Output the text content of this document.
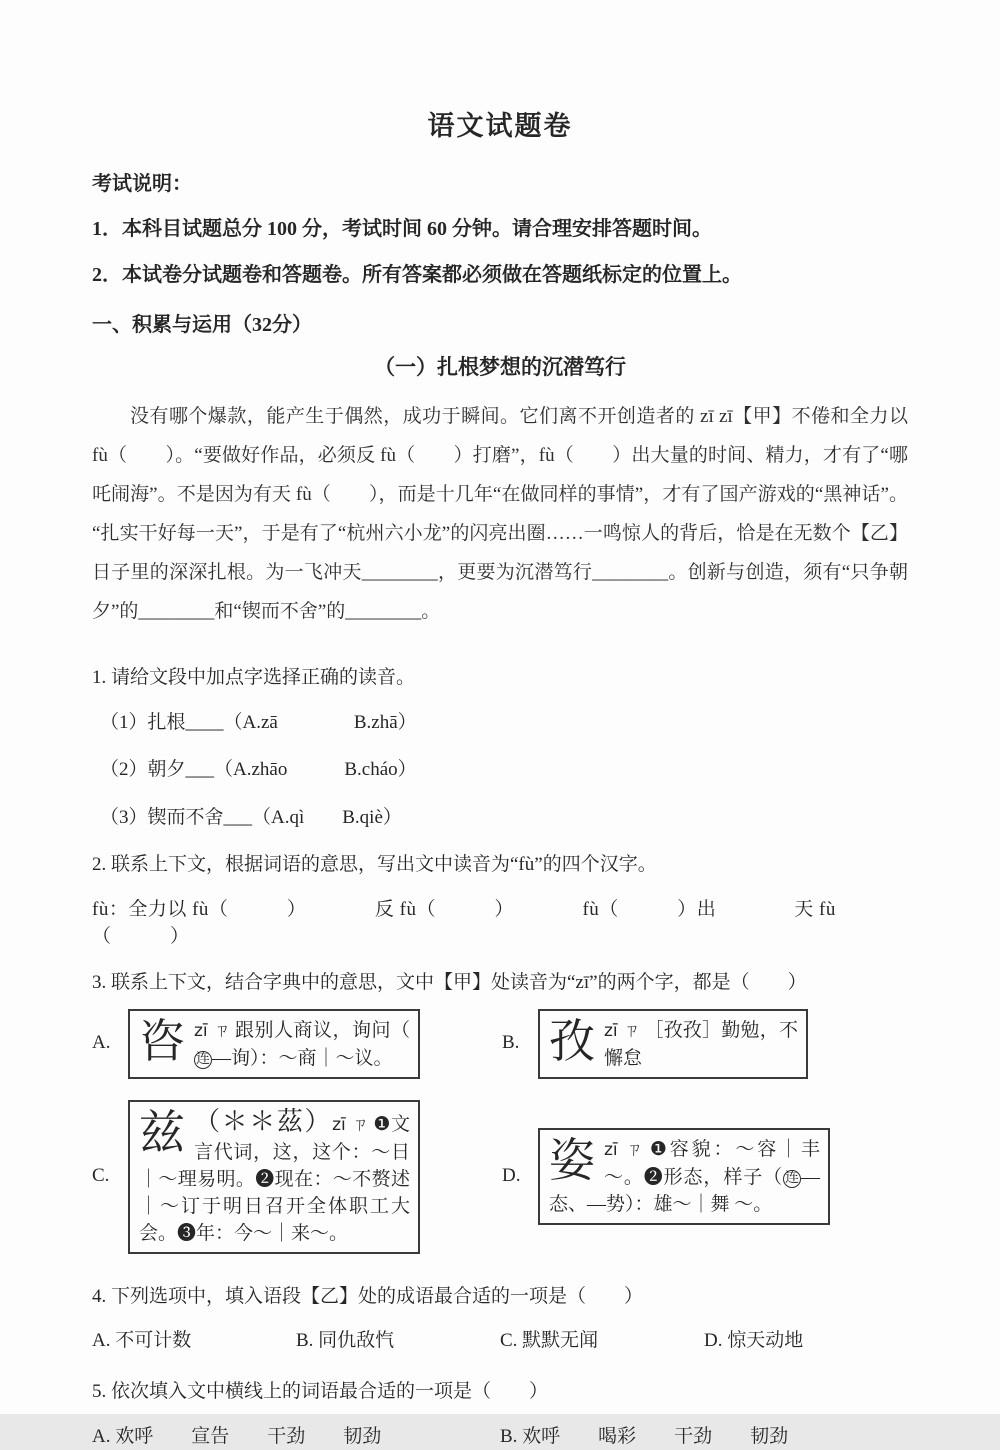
语文试题卷
考试说明：
1．本科目试题总分 100 分，考试时间 60 分钟。请合理安排答题时间。
2．本试卷分试题卷和答题卷。所有答案都必须做在答题纸标定的位置上。
一、积累与运用（32分）
（一）扎根梦想的沉潜笃行
没有哪个爆款，能产生于偶然，成功于瞬间。它们离不开创造者的 zī zī【甲】不倦和全力以 fù（　　）。“要做好作品，必须反 fù（　　）打磨”，fù（　　）出大量的时间、精力，才有了“哪吒闹海”。不是因为有天 fù（　　），而是十几年“在做同样的事情”，才有了国产游戏的“黑神话”。“扎实干好每一天”，于是有了“杭州六小龙”的闪亮出圈……一鸣惊人的背后，恰是在无数个【乙】日子里的深深扎根。为一飞冲天________，更要为沉潜笃行________。创新与创造，须有“只争朝夕”的________和“锲而不舍”的________。
1. 请给文段中加点字选择正确的读音。
（1）扎根____（A.zā　　　　B.zhā）
（2）朝夕___（A.zhāo　　　B.cháo）
（3）锲而不舍___（A.qì　　B.qiè）
2. 联系上下文，根据词语的意思，写出文中读音为“fù”的四个汉字。
fù：全力以 fù（　　　）　　　　反 fù（　　　）　　　　fù（　　　）出　　　　天 fù（　　　）
3. 联系上下文，结合字典中的意思，文中【甲】处读音为“zī”的两个字，都是（　　）
A. 咨zī ㄗ 跟别人商议，询问（连 —询）：～商｜～议。
B. 孜zī ㄗ ［孜孜］勤勉，不懈怠
C.
兹 （＊＊茲）zī ㄗ ❶文言代词，这，这个：～日｜～理易明。❷现在：～不赘述｜～订于明日召开全体职工大会。❸年：今～｜来～。
D. 姿zī ㄗ ❶容貌：～容｜丰～。❷形态，样子（ 连 —态、—势）：雄～｜舞 ～。
4. 下列选项中，填入语段【乙】处的成语最合适的一项是（　　）
A. 不可计数	B. 同仇敌忾	C. 默默无闻	D. 惊天动地
5. 依次填入文中横线上的词语最合适的一项是（　　）
A. 欢呼　　宣告　　干劲　　韧劲	B. 欢呼　　喝彩　　干劲　　韧劲
